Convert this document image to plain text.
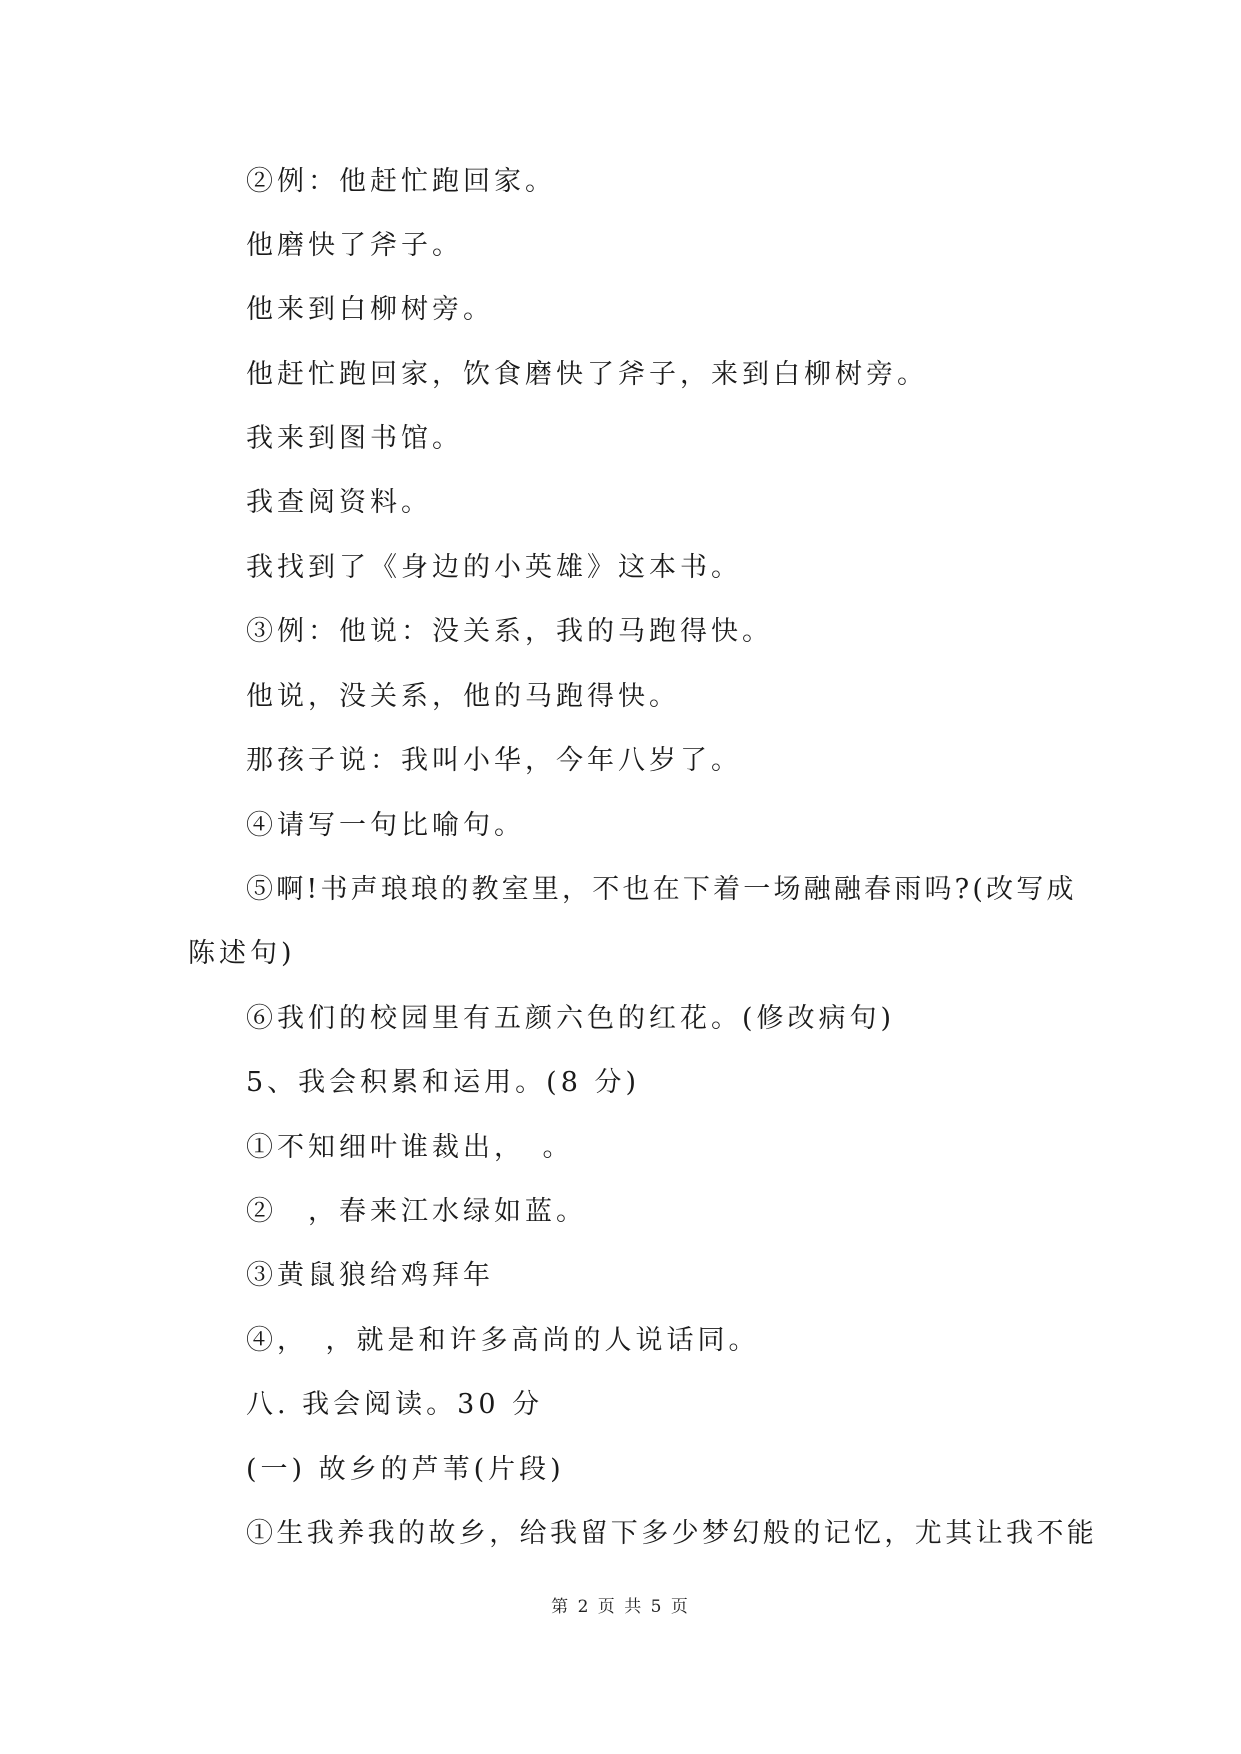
②例：他赶忙跑回家。
他磨快了斧子。
他来到白柳树旁。
他赶忙跑回家，饮食磨快了斧子，来到白柳树旁。
我来到图书馆。
我查阅资料。
我找到了《身边的小英雄》这本书。
③例：他说：没关系，我的马跑得快。
他说，没关系，他的马跑得快。
那孩子说：我叫小华，今年八岁了。
④请写一句比喻句。
⑤啊!书声琅琅的教室里，不也在下着一场融融春雨吗?(改写成
陈述句)
⑥我们的校园里有五颜六色的红花。(修改病句)
5、我会积累和运用。(8 分)
①不知细叶谁裁出，　。
②　，春来江水绿如蓝。
③黄鼠狼给鸡拜年
④，　，就是和许多高尚的人说话同。
八. 我会阅读。30 分
(一) 故乡的芦苇(片段)
①生我养我的故乡，给我留下多少梦幻般的记忆，尤其让我不能
第 2 页 共 5 页
